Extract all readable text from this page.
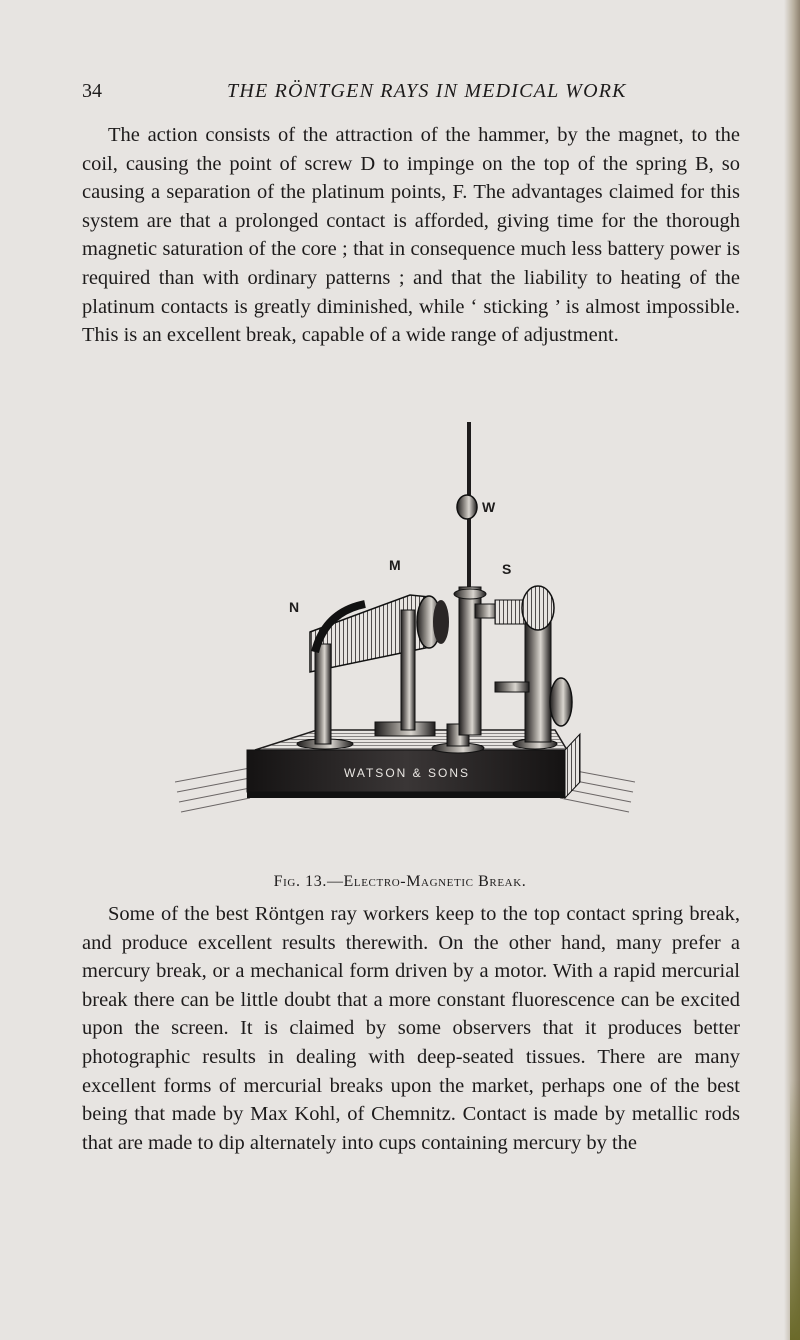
34	THE RÖNTGEN RAYS IN MEDICAL WORK

The action consists of the attraction of the hammer, by the magnet, to the coil, causing the point of screw D to impinge on the top of the spring B, so causing a separation of the platinum points, F. The advantages claimed for this system are that a prolonged contact is afforded, giving time for the thorough magnetic saturation of the core ; that in consequence much less battery power is required than with ordinary patterns ; and that the liability to heating of the platinum contacts is greatly diminished, while ‘ sticking ’ is almost impossible. This is an excellent break, capable of a wide range of adjustment.

WATSON & SONS
W
M	S
N
Fig. 13.—Electro-Magnetic Break.

Some of the best Röntgen ray workers keep to the top contact spring break, and produce excellent results therewith. On the other hand, many prefer a mercury break, or a mechanical form driven by a motor. With a rapid mercurial break there can be little doubt that a more constant fluorescence can be excited upon the screen. It is claimed by some observers that it produces better photographic results in dealing with deep-seated tissues. There are many excellent forms of mercurial breaks upon the market, perhaps one of the best being that made by Max Kohl, of Chemnitz. Contact is made by metallic rods that are made to dip alternately into cups containing mercury by the
